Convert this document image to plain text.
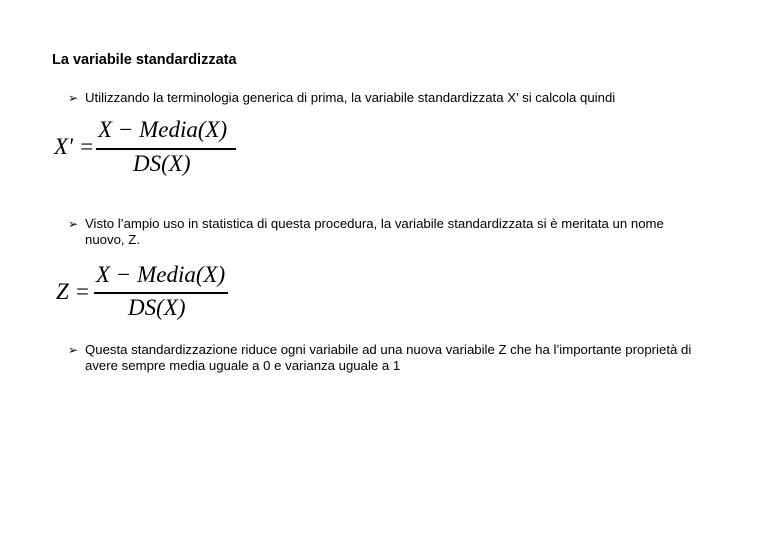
La variabile standardizzata
➢ Utilizzando la terminologia generica di prima, la variabile standardizzata X’ si calcola quindi
X' =
X − Media(X)
DS(X)
➢ Visto l’ampio uso in statistica di questa procedura, la variabile standardizzata si è meritata un nome nuovo, Z.
Z =
X − Media(X)
DS(X)
➢ Questa standardizzazione riduce ogni variabile ad una nuova variabile Z che ha l’importante proprietà di avere sempre media uguale a 0 e varianza uguale a 1
